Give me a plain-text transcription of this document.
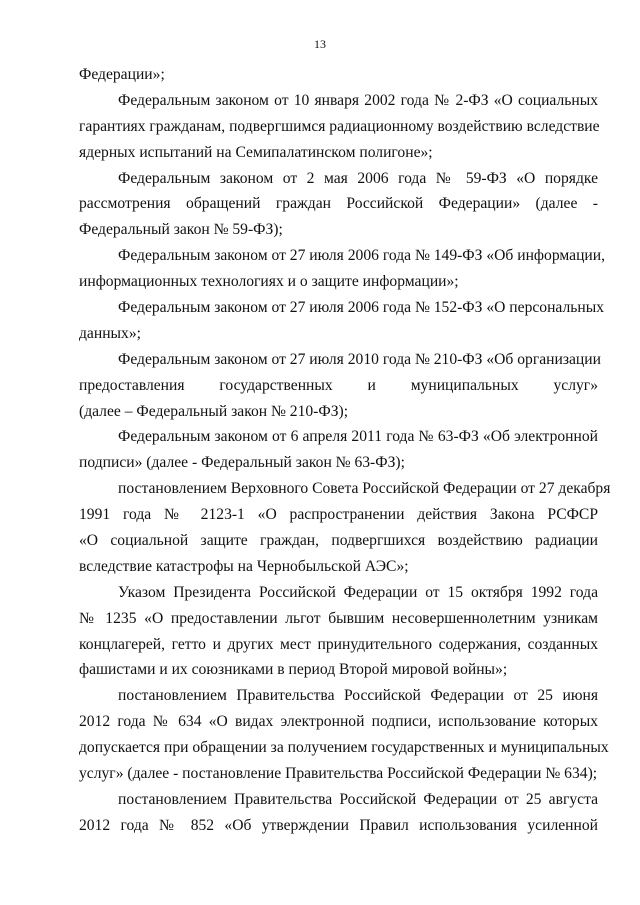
13
Федерации»;
Федеральным законом от 10 января 2002 года № 2-ФЗ «О социальных
гарантиях гражданам, подвергшимся радиационному воздействию вследствие
ядерных испытаний на Семипалатинском полигоне»;
Федеральным законом от 2 мая 2006 года № 59-ФЗ «О порядке
рассмотрения обращений граждан Российской Федерации» (далее -
Федеральный закон № 59-ФЗ);
Федеральным законом от 27 июля 2006 года № 149-ФЗ «Об информации,
информационных технологиях и о защите информации»;
Федеральным законом от 27 июля 2006 года № 152-ФЗ «О персональных
данных»;
Федеральным законом от 27 июля 2010 года № 210-ФЗ «Об организации
предоставления государственных и муниципальных услуг»
(далее – Федеральный закон № 210-ФЗ);
Федеральным законом от 6 апреля 2011 года № 63-ФЗ «Об электронной
подписи» (далее - Федеральный закон № 63-ФЗ);
постановлением Верховного Совета Российской Федерации от 27 декабря
1991 года № 2123-1 «О распространении действия Закона РСФСР
«О социальной защите граждан, подвергшихся воздействию радиации
вследствие катастрофы на Чернобыльской АЭС»;
Указом Президента Российской Федерации от 15 октября 1992 года
№ 1235 «О предоставлении льгот бывшим несовершеннолетним узникам
концлагерей, гетто и других мест принудительного содержания, созданных
фашистами и их союзниками в период Второй мировой войны»;
постановлением Правительства Российской Федерации от 25 июня
2012 года № 634 «О видах электронной подписи, использование которых
допускается при обращении за получением государственных и муниципальных
услуг» (далее - постановление Правительства Российской Федерации № 634);
постановлением Правительства Российской Федерации от 25 августа
2012 года № 852 «Об утверждении Правил использования усиленной
